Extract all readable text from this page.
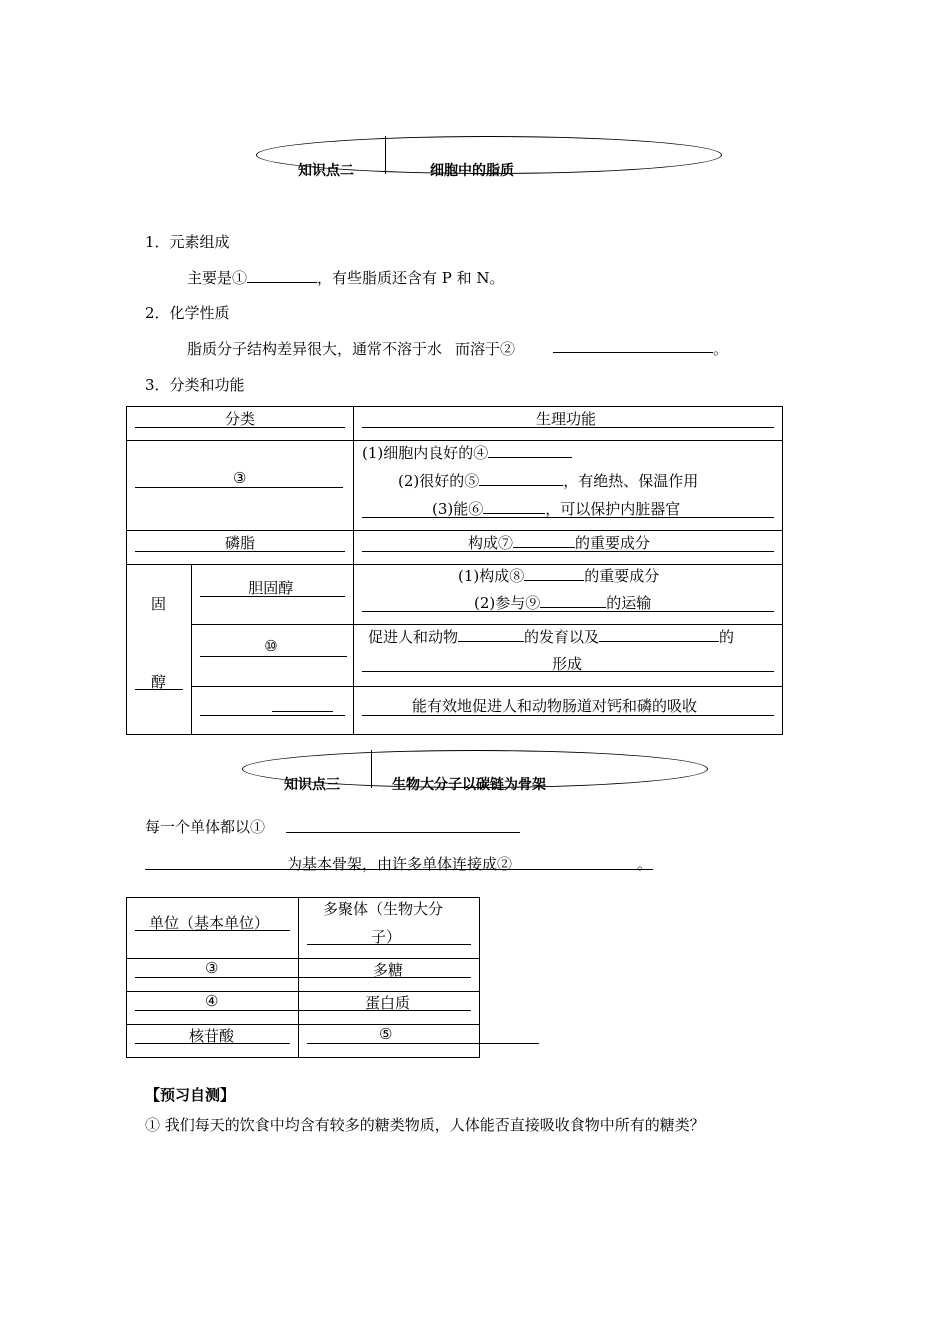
知识点二	细胞中的脂质
1．元素组成
主要是①	，有些脂质还含有 P 和 N。
2．化学性质
脂质分子结构差异很大，通常不溶于水 而溶于②	。
3．分类和功能
分类		生理功能

③		(1)细胞内良好的④
(2)很好的⑤ ，有绝热、保温作用
(3)能⑥ ，可以保护内脏器官

磷脂		构成⑦ 的重要成分

固
醇	胆固醇	(1)构成⑧ 的重要成分
(2)参与⑨ 的运输

	⑩	促进人和动物 的发育以及 的
形成

		能有效地促进人和动物肠道对钙和磷的吸收
知识点三	生物大分子以碳链为骨架
每一个单体都以①
为基本骨架，由许多单体连接成②	。
单位（基本单位）	多聚体（生物大分
子）

③	多糖

④	蛋白质

核苷酸	⑤
【预习自测】
① 我们每天的饮食中均含有较多的糖类物质，人体能否直接吸收食物中所有的糖类？
